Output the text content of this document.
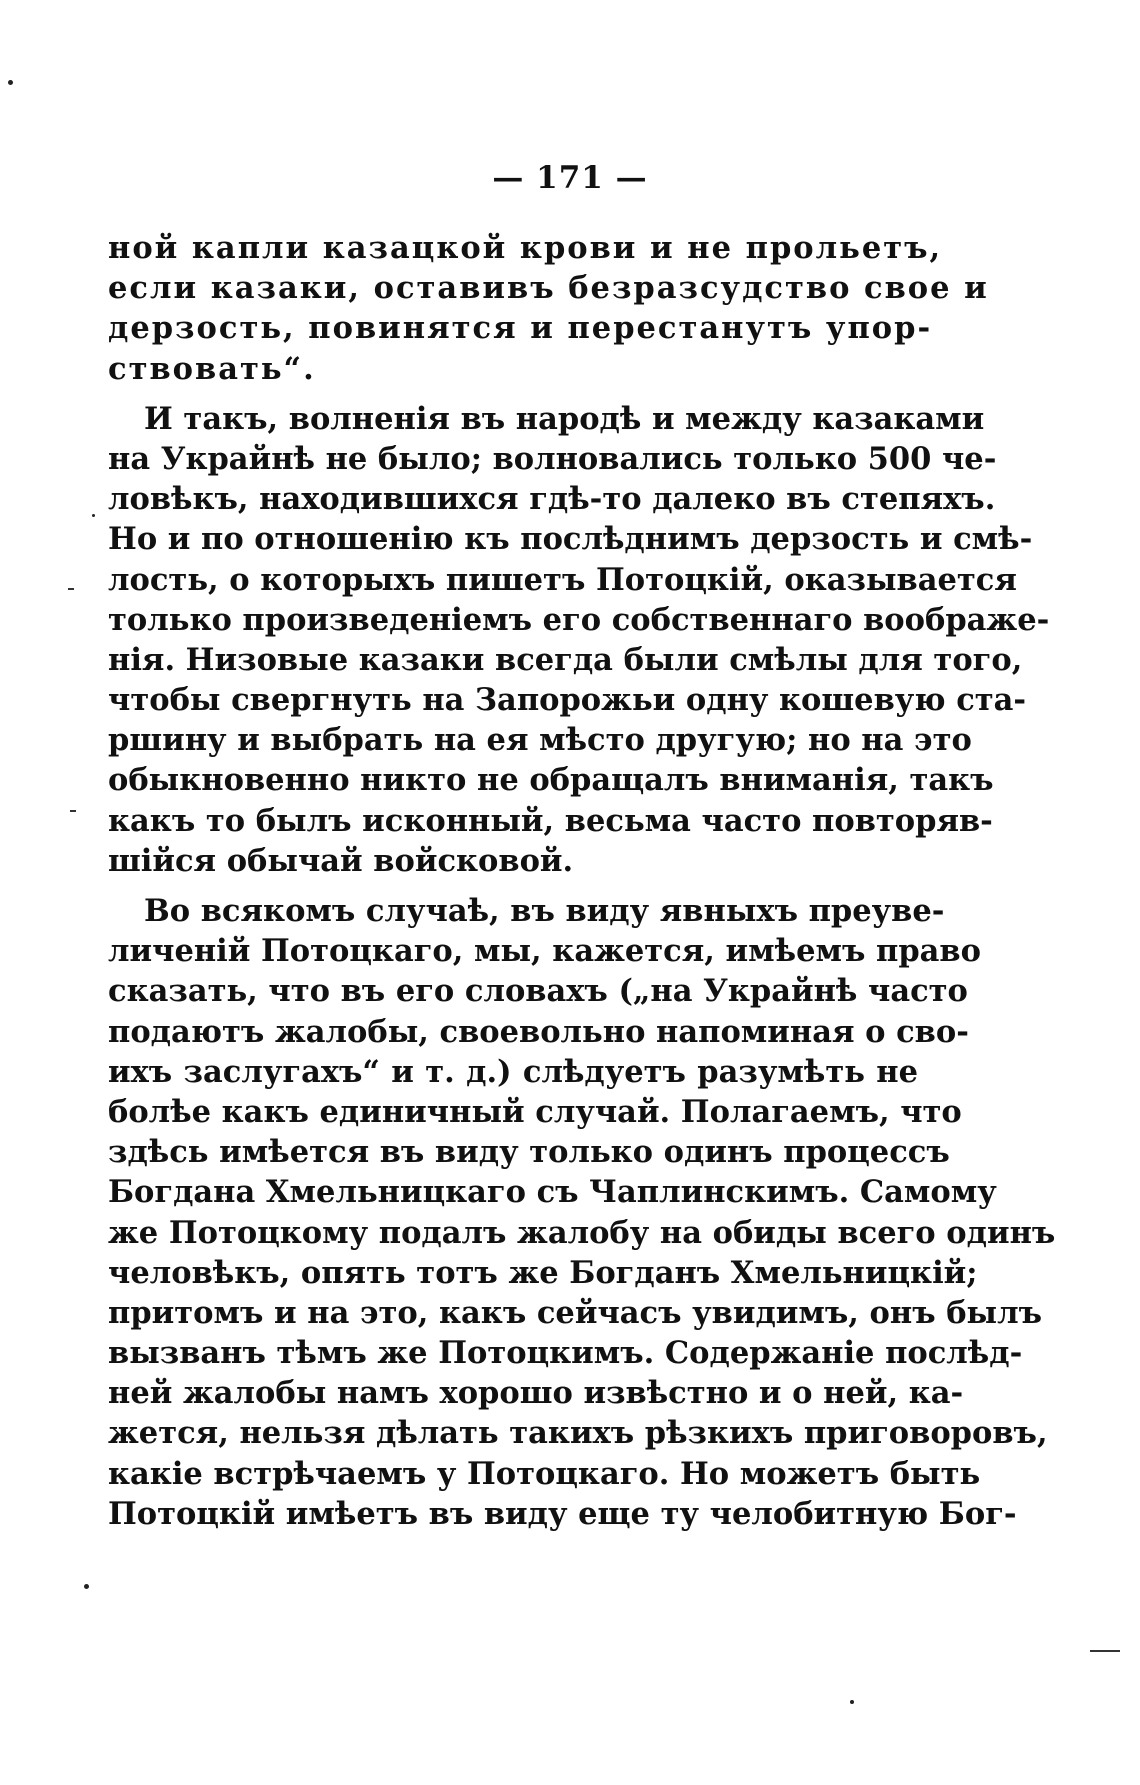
— 171 —
ной капли казацкой крови и не прольетъ,
если казаки, оставивъ безразсудство свое и
дерзость, повинятся и перестанутъ упор-
ствовать“.
И такъ, волненія въ народѣ и между казаками
на Украйнѣ не было; волновались только 500 че-
ловѣкъ, находившихся гдѣ-то далеко въ степяхъ.
Но и по отношенію къ послѣднимъ дерзость и смѣ-
лость, о которыхъ пишетъ Потоцкій, оказывается
только произведеніемъ его собственнаго воображе-
нія. Низовые казаки всегда были смѣлы для того,
чтобы свергнуть на Запорожьи одну кошевую ста-
ршину и выбрать на ея мѣсто другую; но на это
обыкновенно никто не обращалъ вниманія, такъ
какъ то былъ исконный, весьма часто повторяв-
шійся обычай войсковой.
Во всякомъ случаѣ, въ виду явныхъ преуве-
личеній Потоцкаго, мы, кажется, имѣемъ право
сказать, что въ его словахъ („на Украйнѣ часто
подаютъ жалобы, своевольно напоминая о сво-
ихъ заслугахъ“ и т. д.) слѣдуетъ разумѣть не
болѣе какъ единичный случай. Полагаемъ, что
здѣсь имѣется въ виду только одинъ процессъ
Богдана Хмельницкаго съ Чаплинскимъ. Самому
же Потоцкому подалъ жалобу на обиды всего одинъ
человѣкъ, опять тотъ же Богданъ Хмельницкій;
притомъ и на это, какъ сейчасъ увидимъ, онъ былъ
вызванъ тѣмъ же Потоцкимъ. Содержаніе послѣд-
ней жалобы намъ хорошо извѣстно и о ней, ка-
жется, нельзя дѣлать такихъ рѣзкихъ приговоровъ,
какіе встрѣчаемъ у Потоцкаго. Но можетъ быть
Потоцкій имѣетъ въ виду еще ту челобитную Бог-
